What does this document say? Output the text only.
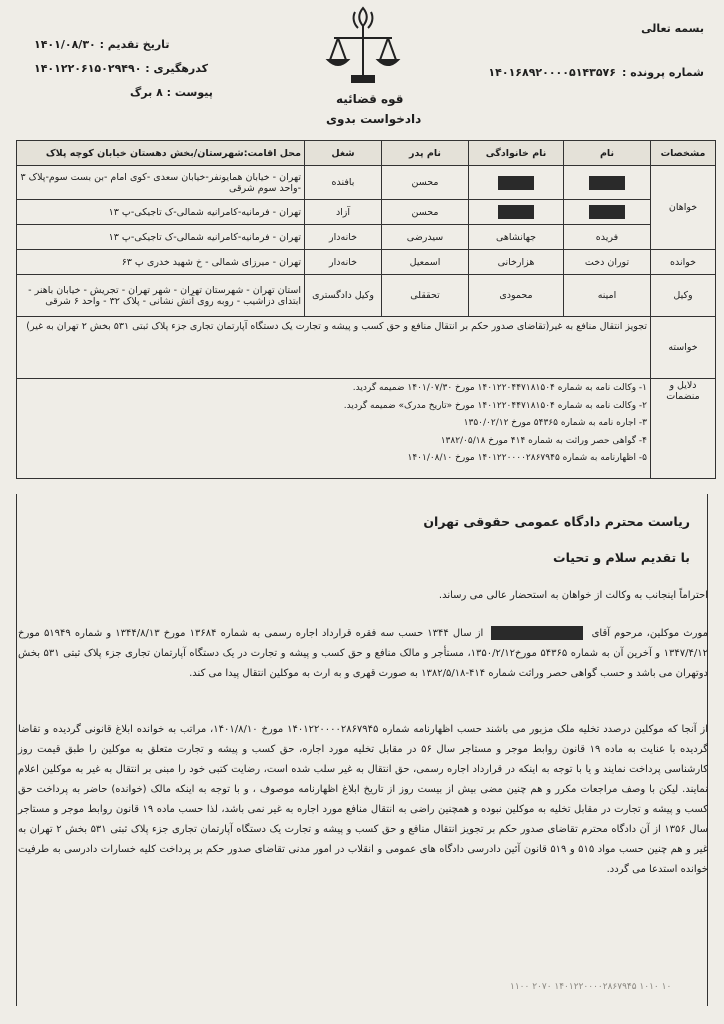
بسمه تعالی
شماره پرونده :
۱۴۰۱۶۸۹۲۰۰۰۰۵۱۴۳۵۷۶
تاریخ تقدیم : ۱۴۰۱/۰۸/۳۰
کدرهگیری : ۱۴۰۱۲۲۰۶۱۵۰۲۹۴۹۰
پیوست : ۸ برگ	قوه قضائیه
دادخواست بدوی
مشخصات	نام	نام خانوادگی	نام پدر	شغل	محل اقامت:شهرستان/بخش دهستان خیابان کوچه پلاک
خواهان			محسن	بافنده	تهران - خیابان همایونفر-خیابان سعدی -کوی امام -بن بست سوم-پلاک ۳ -واحد سوم شرقی
			محسن	آزاد	تهران - فرمانیه-کامرانیه شمالی-ک تاجیکی-پ ۱۳
	فریده	جهانشاهی	سیدرضی	خانه‌دار	تهران - فرمانیه-کامرانیه شمالی-ک تاجیکی-پ ۱۳
خوانده	توران دخت	هزارخانی	اسمعیل	خانه‌دار	تهران - میرزای شمالی - خ شهید خدری پ ۶۳
وکیل	امینه	محمودی	تحققلی	وکیل دادگستری	استان تهران - شهرستان تهران - شهر تهران - تجریش - خیابان باهنر - ابتدای دزاشیب - روبه روی آتش نشانی - پلاک ۳۲ - واحد ۶ شرقی
خواسته	تجویز انتقال منافع به غیر(تقاضای صدور حکم بر انتقال منافع و حق کسب و پیشه و تجارت یک دستگاه آپارتمان تجاری جزء پلاک ثبتی ۵۳۱ بخش ۲ تهران به غیر)				
دلایل و منضمات	۱- وکالت نامه به شماره ۱۴۰۱۲۲۰۴۴۷۱۸۱۵۰۴ مورخ ۱۴۰۱/۰۷/۳۰ ضمیمه گردید.
۲- وکالت نامه به شماره ۱۴۰۱۲۲۰۴۴۷۱۸۱۵۰۴ مورخ «تاریخ مدرک» ضمیمه گردید.
۳- اجاره نامه به شماره ۵۴۳۶۵ مورخ ۱۳۵۰/۰۲/۱۲
۴- گواهی حصر وراثت به شماره ۴۱۴ مورخ ۱۳۸۲/۰۵/۱۸
۵- اظهارنامه به شماره ۱۴۰۱۲۲۰۰۰۰۲۸۶۷۹۴۵ مورخ ۱۴۰۱/۰۸/۱۰				
ریاست محترم دادگاه عمومی حقوقی تهران
با تقدیم سلام و تحیات
احتراماً اینجانب به وکالت از خواهان به استحضار عالی می رساند.
مورث موکلین، مرحوم آقای  از سال ۱۳۴۴ حسب سه فقره قرارداد اجاره رسمی به شماره ۱۳۶۸۴ مورخ ۱۳۴۴/۸/۱۳ و شماره ۵۱۹۴۹ مورخ ۱۳۴۷/۴/۱۲ و آخرین آن به شماره ۵۴۳۶۵ مورخ۱۳۵۰/۲/۱۲، مستأجر و مالک منافع و حق کسب و پیشه و تجارت در یک دستگاه آپارتمان تجاری جزء پلاک ثبتی ۵۳۱ بخش دوتهران می باشد و حسب گواهی حصر وراثت شماره ۴۱۴-۱۳۸۲/۵/۱۸ به صورت قهری و به ارث به موکلین انتقال پیدا می کند.
از آنجا که موکلین درصدد تخلیه ملک مزبور می باشند حسب اظهارنامه شماره ۱۴۰۱۲۲۰۰۰۰۲۸۶۷۹۴۵ مورخ ۱۴۰۱/۸/۱۰، مراتب به خوانده ابلاغ قانونی گردیده و تقاضا گردیده با عنایت به ماده ۱۹ قانون روابط موجر و مستاجر سال ۵۶ در مقابل تخلیه مورد اجاره، حق کسب و پیشه و تجارت متعلق به موکلین را طبق قیمت روز کارشناسی پرداخت نمایند و یا با توجه به اینکه در قرارداد اجاره رسمی، حق انتقال به غیر سلب شده است، رضایت کتبی خود را مبنی بر انتقال به غیر به موکلین اعلام نمایند. لیکن با وصف مراجعات مکرر و هم چنین مضی بیش از بیست روز از تاریخ ابلاغ اظهارنامه موصوف ، و با توجه به اینکه مالک (خوانده) حاضر به پرداخت حق کسب و پیشه و تجارت در مقابل تخلیه به موکلین نبوده و همچنین راضی به انتقال منافع مورد اجاره به غیر نمی باشد، لذا حسب ماده ۱۹ قانون روابط موجر و مستاجر سال ۱۳۵۶ از آن دادگاه محترم تقاضای صدور حکم بر تجویز انتقال منافع و حق کسب و پیشه و تجارت یک دستگاه آپارتمان تجاری جزء پلاک ثبتی ۵۳۱ بخش ۲ تهران به غیر و هم چنین حسب مواد ۵۱۵ و ۵۱۹ قانون آئین دادرسی دادگاه های عمومی و انقلاب در امور مدنی تقاضای صدور حکم بر پرداخت کلیه خسارات دادرسی به طرفیت خوانده استدعا می گردد.
۱۱۰۰ ۲۰۷۰ ۱۴۰۱۲۲۰۰۰۰۲۸۶۷۹۴۵ ۱۰۱۰ ۱۰
